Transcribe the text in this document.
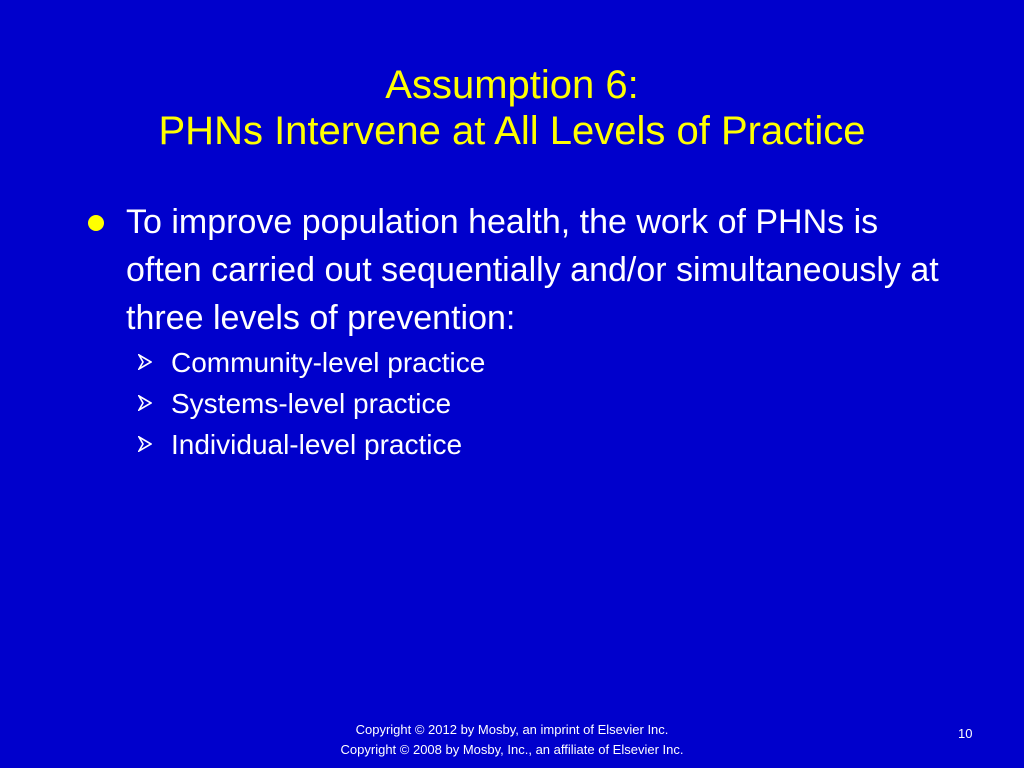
Assumption 6:
PHNs Intervene at All Levels of Practice
To improve population health, the work of PHNs is often carried out sequentially and/or simultaneously at three levels of prevention:
Community-level practice
Systems-level practice
Individual-level practice
Copyright © 2012 by Mosby, an imprint of Elsevier Inc.
Copyright © 2008 by Mosby, Inc., an affiliate of Elsevier Inc.
10
